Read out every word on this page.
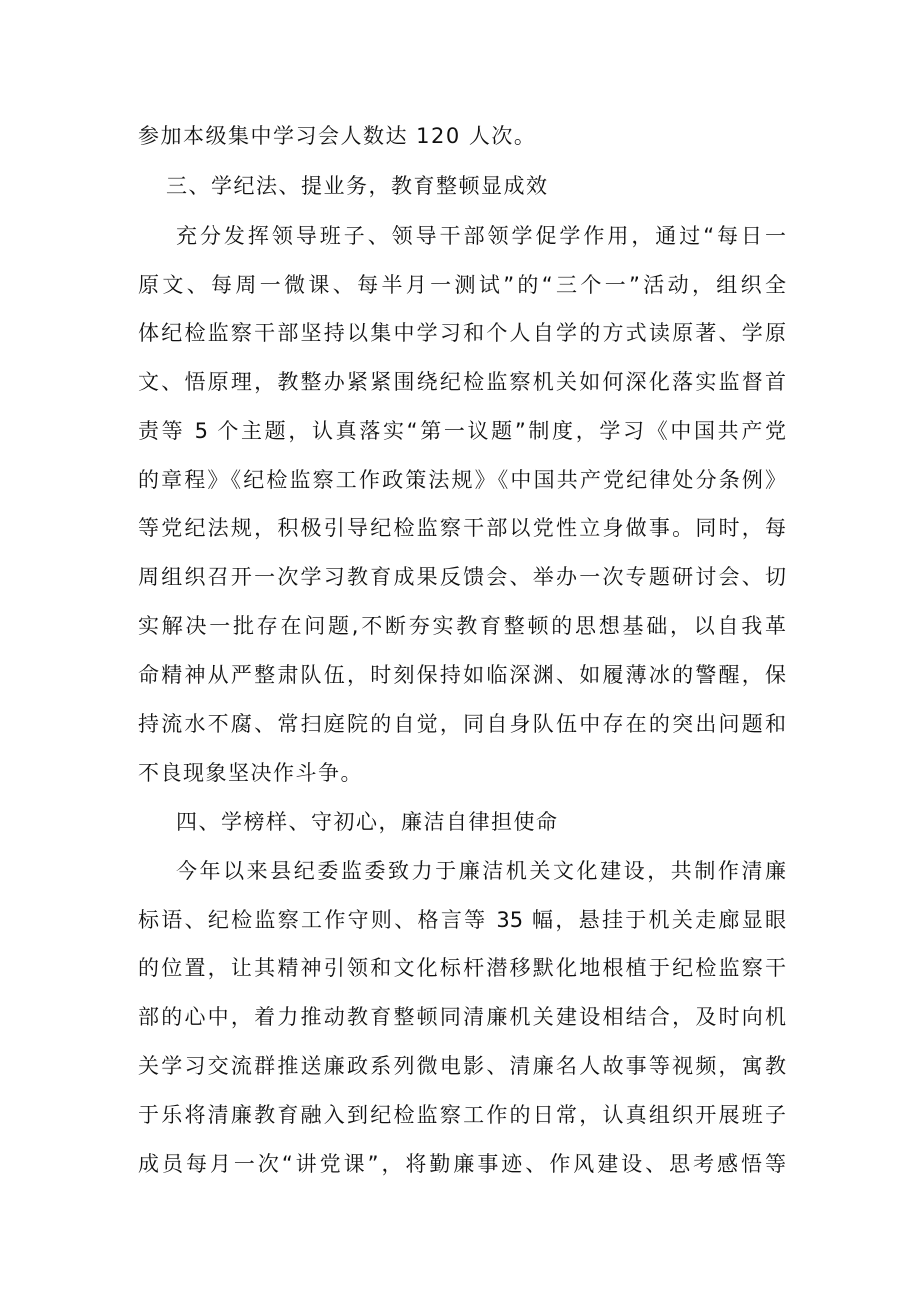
参加本级集中学习会人数达 120 人次。
三、学纪法、提业务，教育整顿显成效
充分发挥领导班子、领导干部领学促学作用，通过“每日一
原文、每周一微课、每半月一测试”的“三个一”活动，组织全
体纪检监察干部坚持以集中学习和个人自学的方式读原著、学原
文、悟原理，教整办紧紧围绕纪检监察机关如何深化落实监督首
责等 5 个主题，认真落实“第一议题”制度，学习《中国共产党
的章程》《纪检监察工作政策法规》《中国共产党纪律处分条例》
等党纪法规，积极引导纪检监察干部以党性立身做事。同时，每
周组织召开一次学习教育成果反馈会、举办一次专题研讨会、切
实解决一批存在问题,不断夯实教育整顿的思想基础，以自我革
命精神从严整肃队伍，时刻保持如临深渊、如履薄冰的警醒，保
持流水不腐、常扫庭院的自觉，同自身队伍中存在的突出问题和
不良现象坚决作斗争。
四、学榜样、守初心，廉洁自律担使命
今年以来县纪委监委致力于廉洁机关文化建设，共制作清廉
标语、纪检监察工作守则、格言等 35 幅，悬挂于机关走廊显眼
的位置，让其精神引领和文化标杆潜移默化地根植于纪检监察干
部的心中，着力推动教育整顿同清廉机关建设相结合，及时向机
关学习交流群推送廉政系列微电影、清廉名人故事等视频，寓教
于乐将清廉教育融入到纪检监察工作的日常，认真组织开展班子
成员每月一次“讲党课”，将勤廉事迹、作风建设、思考感悟等
